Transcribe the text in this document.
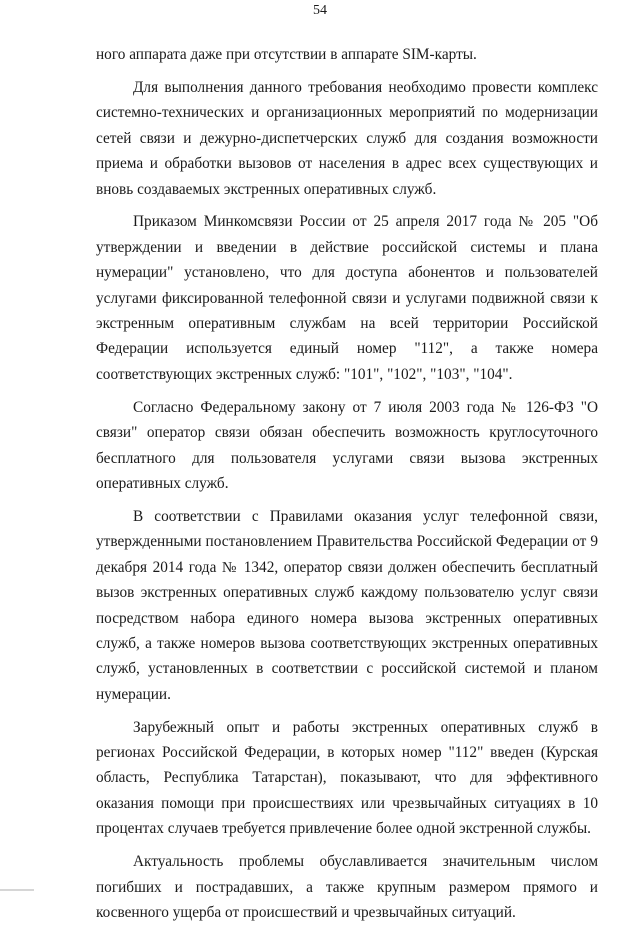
54

ного аппарата даже при отсутствии в аппарате SIM-карты.

Для выполнения данного требования необходимо провести комплекс системно-технических и организационных мероприятий по модернизации сетей связи и дежурно-диспетчерских служб для создания возможности приема и обработки вызовов от населения в адрес всех существующих и вновь создаваемых экстренных оперативных служб.

Приказом Минкомсвязи России от 25 апреля 2017 года № 205 "Об утверждении и введении в действие российской системы и плана нумерации" установлено, что для доступа абонентов и пользователей услугами фиксированной телефонной связи и услугами подвижной связи к экстренным оперативным службам на всей территории Российской Федерации используется единый номер "112", а также номера соответствующих экстренных служб: "101", "102", "103", "104".

Согласно Федеральному закону от 7 июля 2003 года № 126-ФЗ "О связи" оператор связи обязан обеспечить возможность круглосуточного бесплатного для пользователя услугами связи вызова экстренных оперативных служб.

В соответствии с Правилами оказания услуг телефонной связи, утвержденными постановлением Правительства Российской Федерации от 9 декабря 2014 года № 1342, оператор связи должен обеспечить бесплатный вызов экстренных оперативных служб каждому пользователю услуг связи посредством набора единого номера вызова экстренных оперативных служб, а также номеров вызова соответствующих экстренных оперативных служб, установленных в соответствии с российской системой и планом нумерации.

Зарубежный опыт и работы экстренных оперативных служб в регионах Российской Федерации, в которых номер "112" введен (Курская область, Республика Татарстан), показывают, что для эффективного оказания помощи при происшествиях или чрезвычайных ситуациях в 10 процентах случаев требуется привлечение более одной экстренной службы.

Актуальность проблемы обуславливается значительным числом погибших и пострадавших, а также крупным размером прямого и косвенного ущерба от происшествий и чрезвычайных ситуаций.
